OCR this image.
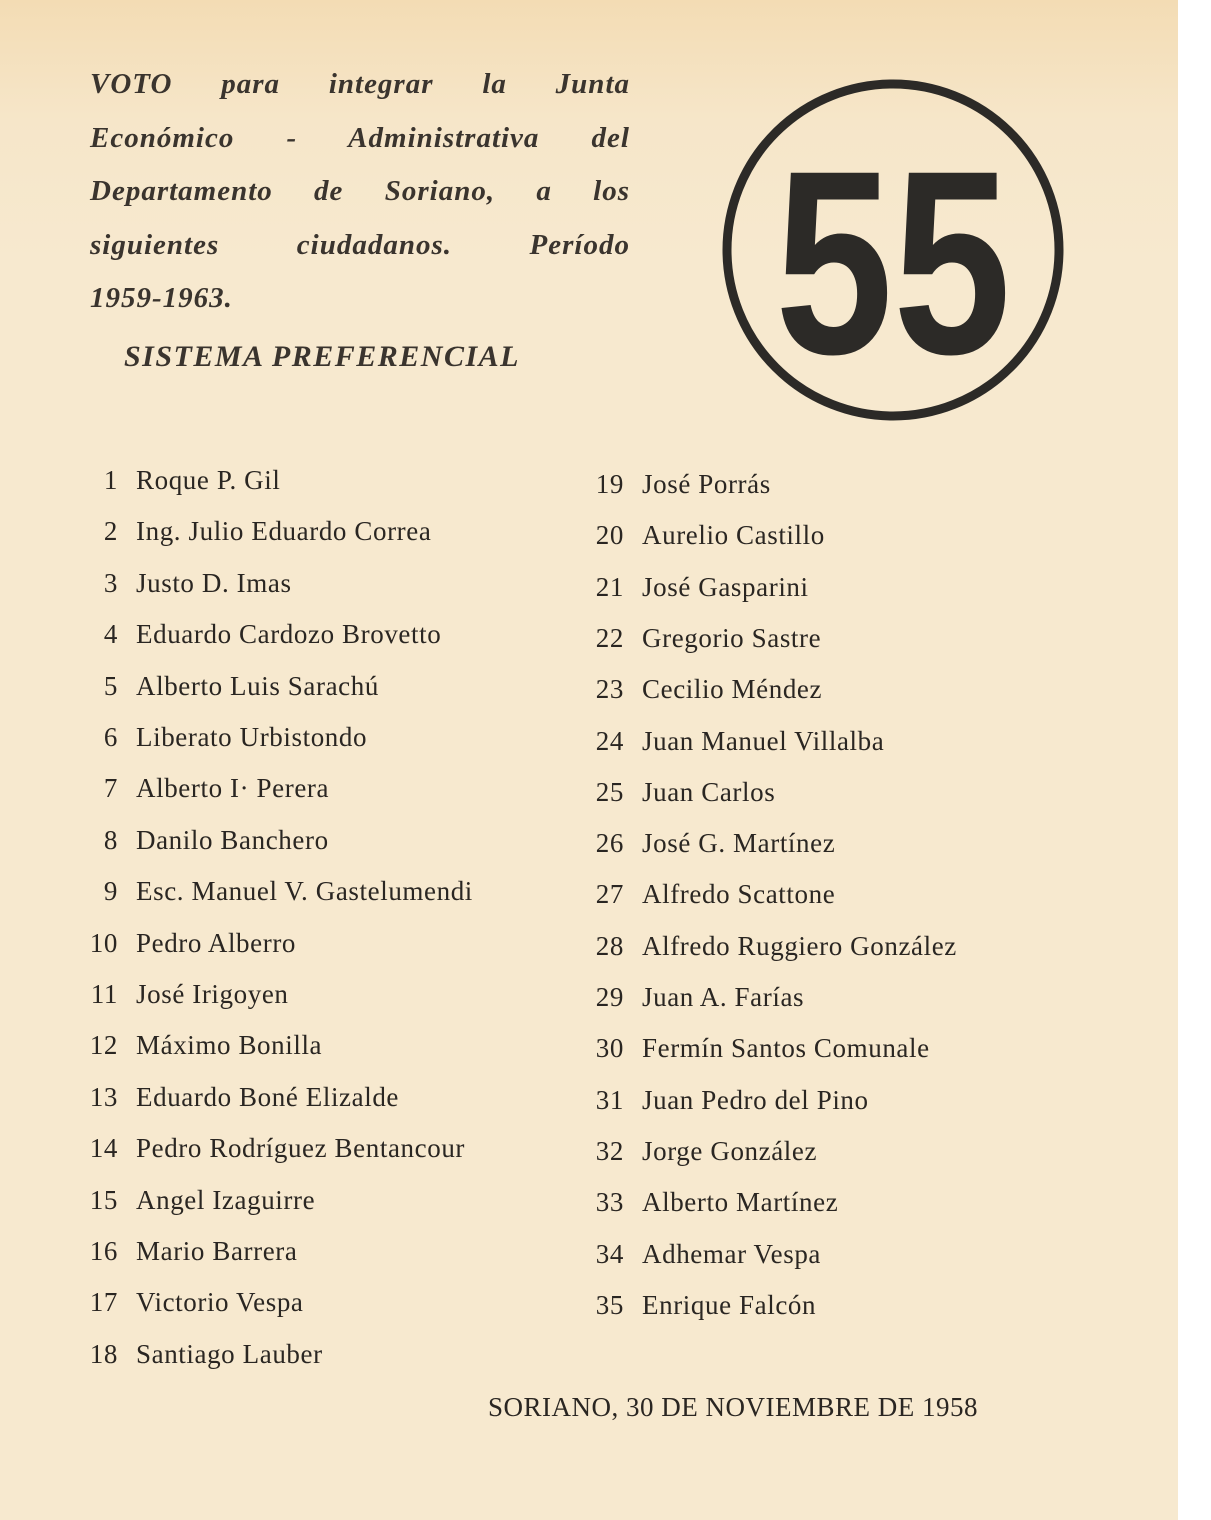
VOTO para integrar la Junta
Económico - Administrativa del
Departamento de Soriano, a los
siguientes ciudadanos. Período
1959-1963.
SISTEMA PREFERENCIAL 55
1 Roque P. Gil
2 Ing. Julio Eduardo Correa
3 Justo D. Imas
4 Eduardo Cardozo Brovetto
5 Alberto Luis Sarachú
6 Liberato Urbistondo
7 Alberto I· Perera
8 Danilo Banchero
9 Esc. Manuel V. Gastelumendi
10 Pedro Alberro
11 José Irigoyen
12 Máximo Bonilla
13 Eduardo Boné Elizalde
14 Pedro Rodríguez Bentancour
15 Angel Izaguirre
16 Mario Barrera
17 Victorio Vespa
18 Santiago Lauber
19 José Porrás
20 Aurelio Castillo
21 José Gasparini
22 Gregorio Sastre
23 Cecilio Méndez
24 Juan Manuel Villalba
25 Juan Carlos
26 José G. Martínez
27 Alfredo Scattone
28 Alfredo Ruggiero González
29 Juan A. Farías
30 Fermín Santos Comunale
31 Juan Pedro del Pino
32 Jorge González
33 Alberto Martínez
34 Adhemar Vespa
35 Enrique Falcón
SORIANO, 30 DE NOVIEMBRE DE 1958
